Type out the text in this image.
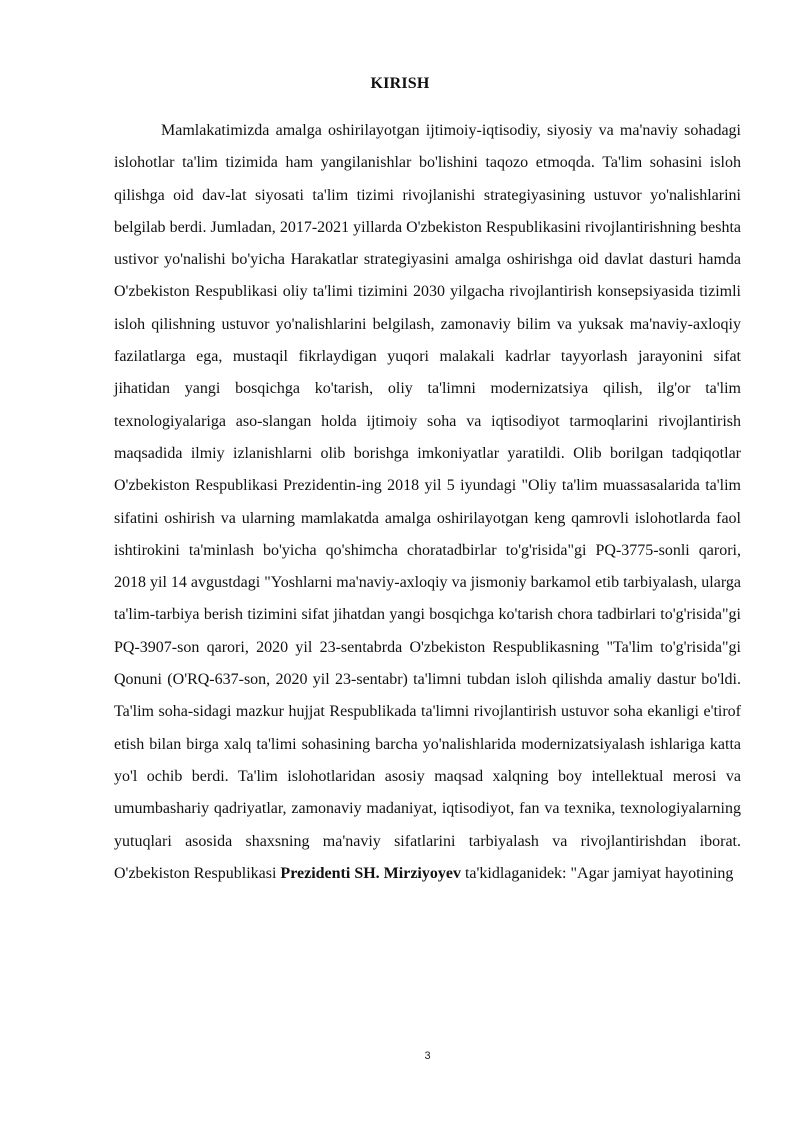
KIRISH

Mamlakatimizda amalga oshirilayotgan ijtimoiy-iqtisodiy, siyosiy va ma'naviy sohadagi islohotlar ta'lim tizimida ham yangilanishlar bo'lishini taqozo etmoqda. Ta'lim sohasini isloh qilishga oid dav-lat siyosati ta'lim tizimi rivojlanishi strategiyasining ustuvor yo'nalishlarini belgilab berdi. Jumladan, 2017-2021 yillarda O'zbekiston Respublikasini rivojlantirishning beshta ustivor yo'nalishi bo'yicha Harakatlar strategiyasini amalga oshirishga oid davlat dasturi hamda O'zbekiston Respublikasi oliy ta'limi tizimini 2030 yilgacha rivojlantirish konsepsiyasida tizimli isloh qilishning ustuvor yo'nalishlarini belgilash, zamonaviy bilim va yuksak ma'naviy-axloqiy fazilatlarga ega, mustaqil fikrlaydigan yuqori malakali kadrlar tayyorlash jarayonini sifat jihatidan yangi bosqichga ko'tarish, oliy ta'limni modernizatsiya qilish, ilg'or ta'lim texnologiyalariga aso-slangan holda ijtimoiy soha va iqtisodiyot tarmoqlarini rivojlantirish maqsadida ilmiy izlanishlarni olib borishga imkoniyatlar yaratildi. Olib borilgan tadqiqotlar O'zbekiston Respublikasi Prezidentin-ing 2018 yil 5 iyundagi "Oliy ta'lim muassasalarida ta'lim sifatini oshirish va ularning mamlakatda amalga oshirilayotgan keng qamrovli islohotlarda faol ishtirokini ta'minlash bo'yicha qo'shimcha choratadbirlar to'g'risida"gi PQ-3775-sonli qarori, 2018 yil 14 avgustdagi "Yoshlarni ma'naviy-axloqiy va jismoniy barkamol etib tarbiyalash, ularga ta'lim-tarbiya berish tizimini sifat jihatdan yangi bosqichga ko'tarish chora tadbirlari to'g'risida"gi PQ-3907-son qarori, 2020 yil 23-sentabrda O'zbekiston Respublikasning "Ta'lim to'g'risida"gi Qonuni (O'RQ-637-son, 2020 yil 23-sentabr) ta'limni tubdan isloh qilishda amaliy dastur bo'ldi. Ta'lim soha-sidagi mazkur hujjat Respublikada ta'limni rivojlantirish ustuvor soha ekanligi e'tirof etish bilan birga xalq ta'limi sohasining barcha yo'nalishlarida modernizatsiyalash ishlariga katta yo'l ochib berdi. Ta'lim islohotlaridan asosiy maqsad xalqning boy intellektual merosi va umumbashariy qadriyatlar, zamonaviy madaniyat, iqtisodiyot, fan va texnika, texnologiyalarning yutuqlari asosida shaxsning ma'naviy sifatlarini tarbiyalash va rivojlantirishdan iborat. O'zbekiston Respublikasi Prezidenti SH. Mirziyoyev ta'kidlaganidek: "Agar jamiyat hayotining

3
